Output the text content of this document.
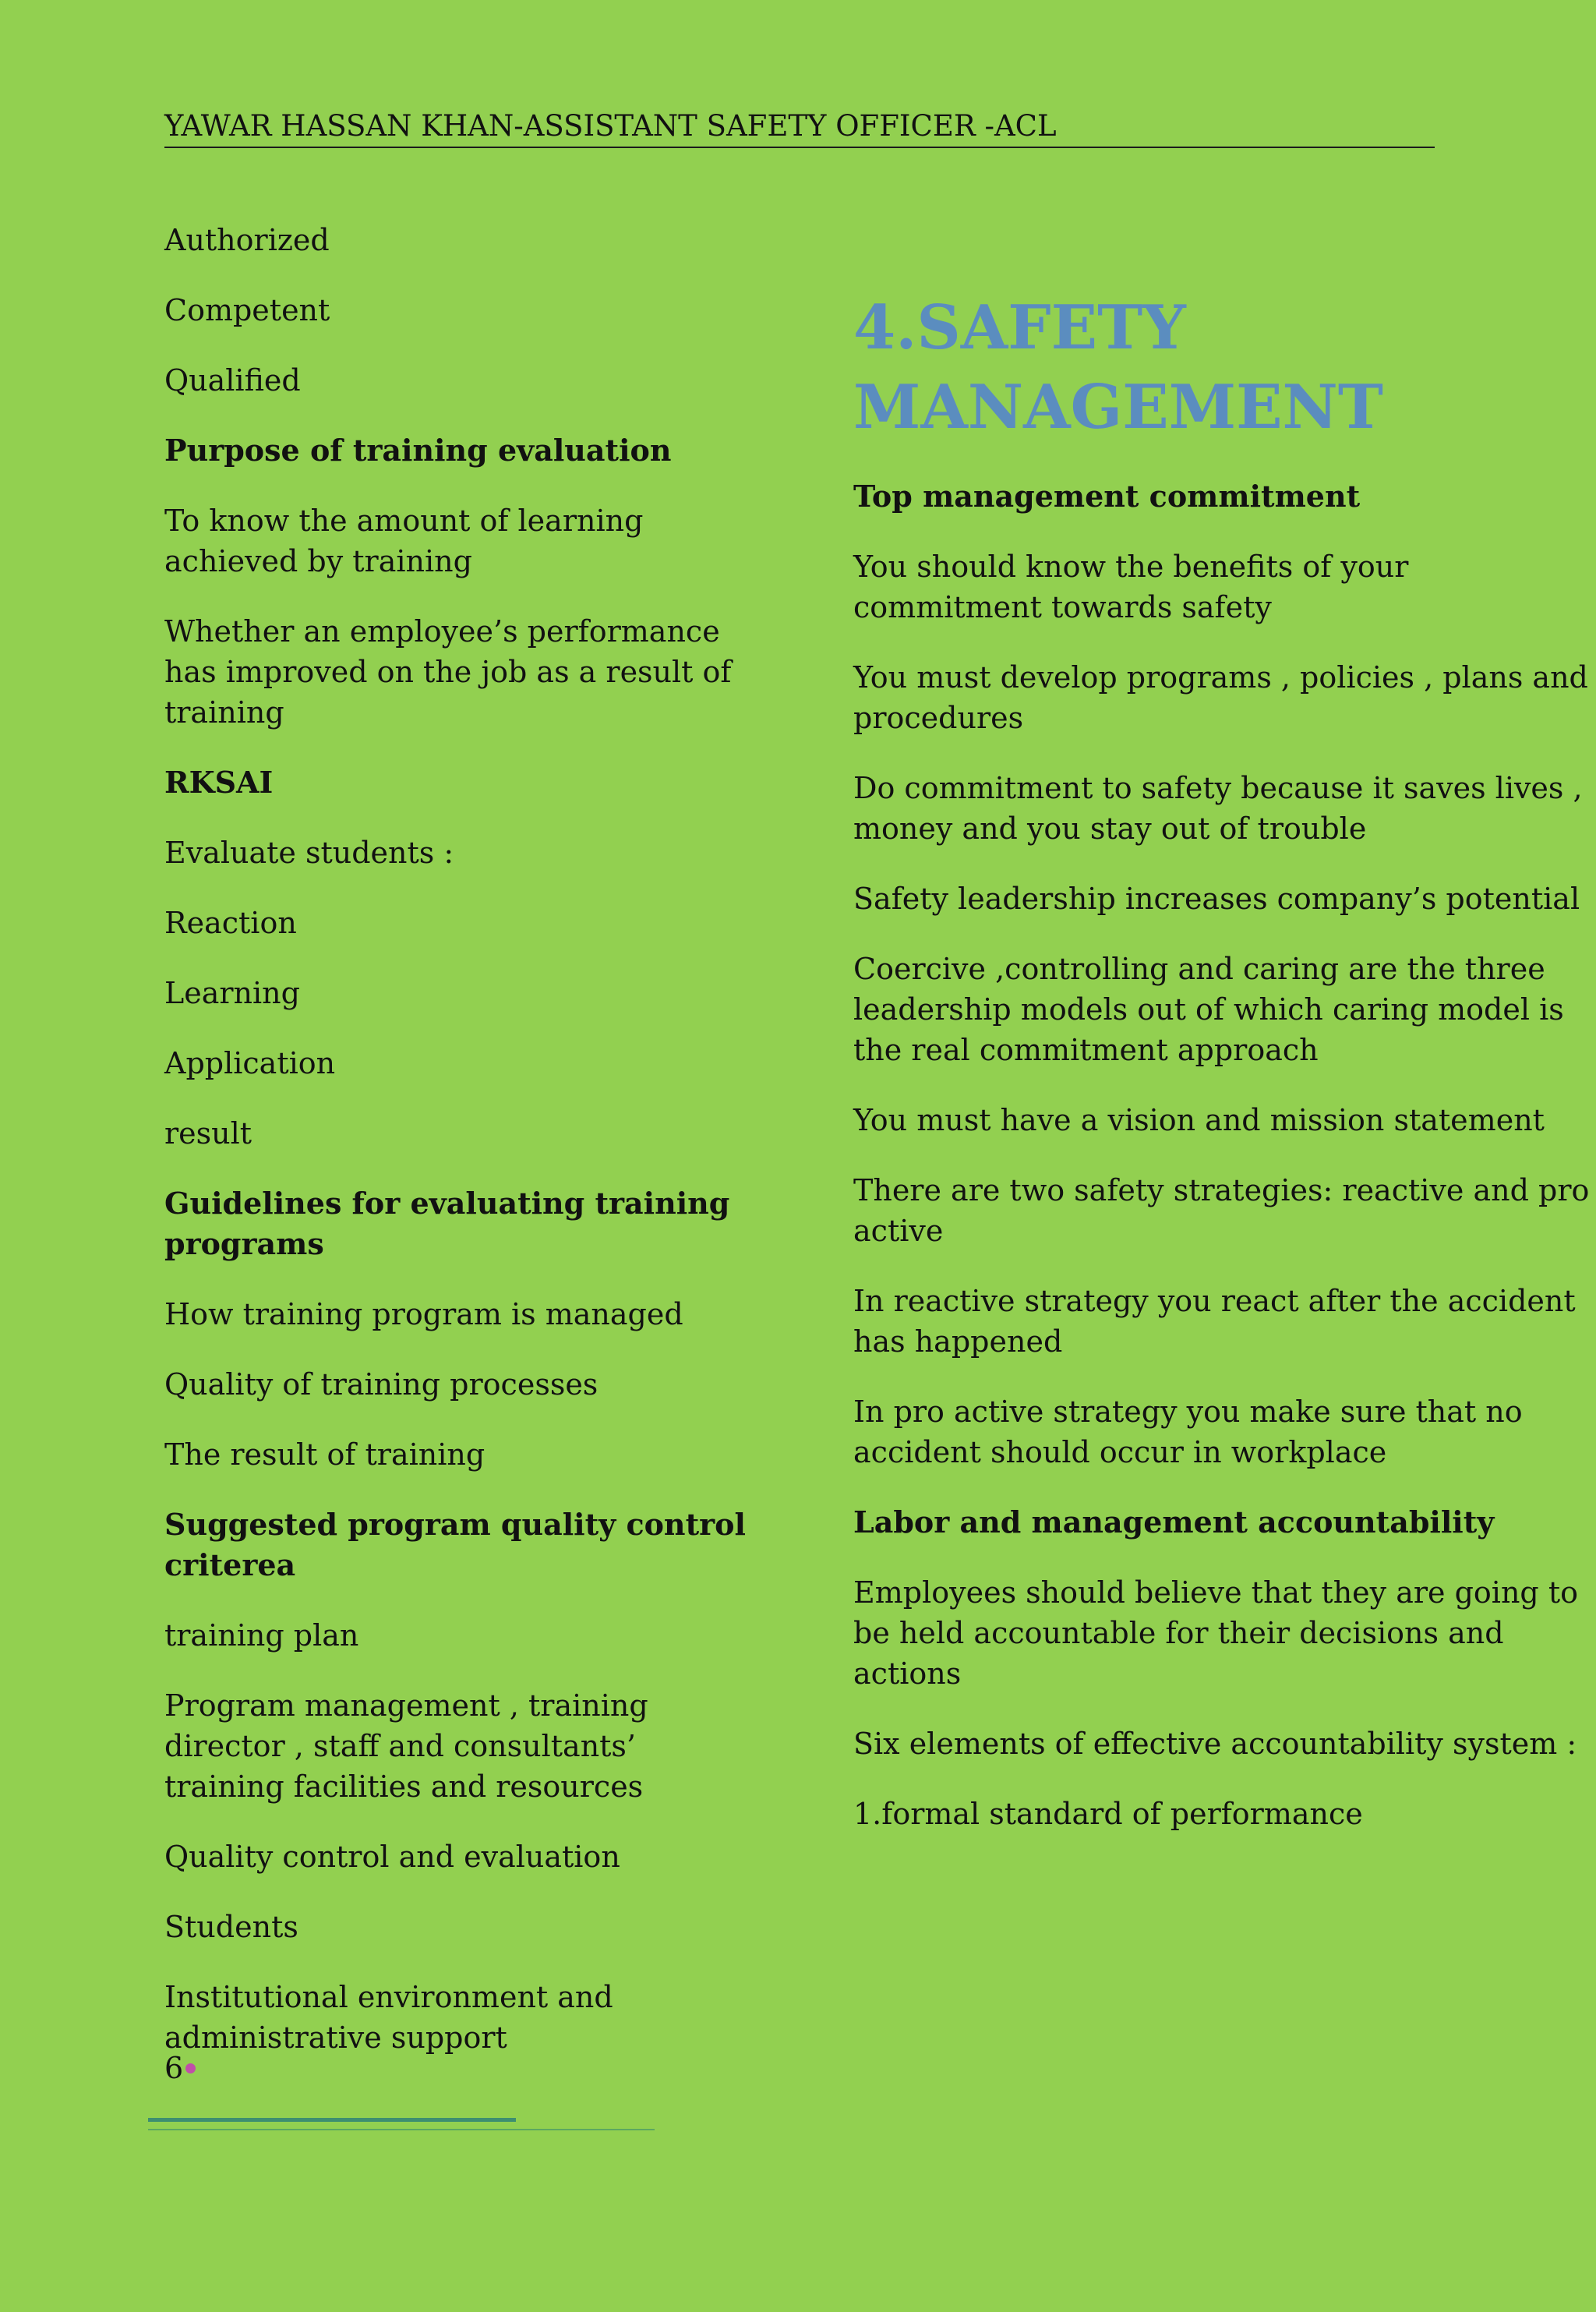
YAWAR HASSAN KHAN-ASSISTANT SAFETY OFFICER -ACL

Authorized

Competent

Qualified

Purpose of training evaluation

To know the amount of learning achieved by training

Whether an employee’s performance has improved on the job as a result of training

RKSAI

Evaluate students :

Reaction

Learning

Application

result

Guidelines for evaluating training programs

How training program is managed

Quality of training processes

The result of training

Suggested program quality control criterea

training plan

Program management , training director , staff and consultants’ training facilities and resources

Quality control and evaluation

Students

Institutional environment and administrative support

4.SAFETY MANAGEMENT

Top management commitment

You should know the benefits of your commitment towards safety

You must develop programs , policies , plans and procedures

Do commitment to safety because it saves lives , money and you stay out of trouble

Safety leadership increases company’s potential

Coercive ,controlling and caring are the three leadership models out of which caring model is the real commitment approach

You must have a vision and mission statement

There are two safety strategies: reactive and pro active

In reactive strategy you react after the accident has happened

In pro active strategy you make sure that no accident should occur in workplace

Labor and management accountability

Employees should believe that they are going to be held accountable for their decisions and actions

Six elements of effective accountability system :

1.formal standard of performance

6
